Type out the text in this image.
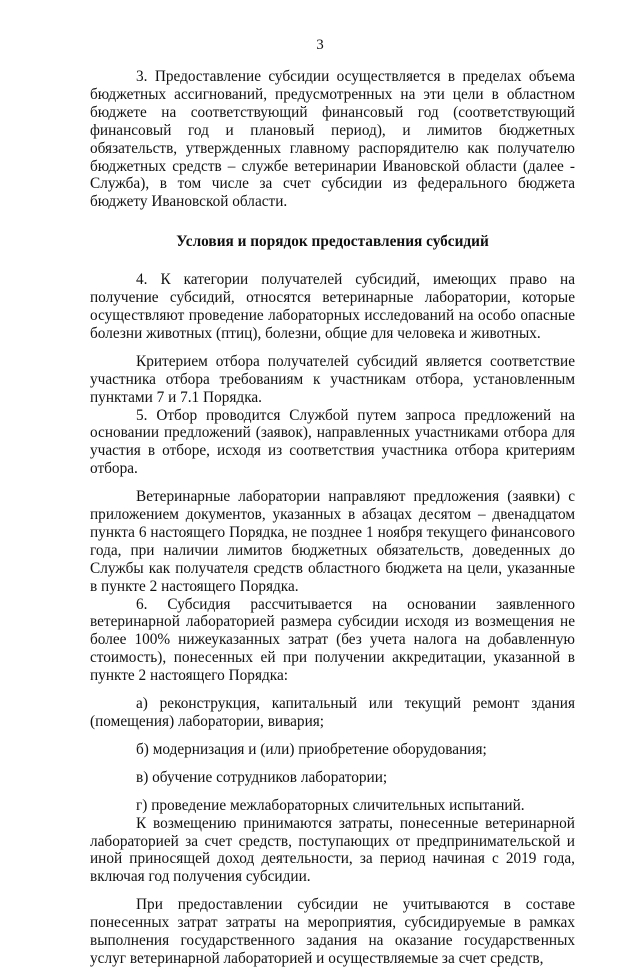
3

3. Предоставление субсидии осуществляется в пределах объема бюджетных ассигнований, предусмотренных на эти цели в областном бюджете на соответствующий финансовый год (соответствующий финансовый год и плановый период), и лимитов бюджетных обязательств, утвержденных главному распорядителю как получателю бюджетных средств – службе ветеринарии Ивановской области (далее - Служба), в том числе за счет субсидии из федерального бюджета бюджету Ивановской области.

Условия и порядок предоставления субсидий

4. К категории получателей субсидий, имеющих право на получение субсидий, относятся ветеринарные лаборатории, которые осуществляют проведение лабораторных исследований на особо опасные болезни животных (птиц), болезни, общие для человека и животных.

Критерием отбора получателей субсидий является соответствие участника отбора требованиям к участникам отбора, установленным пунктами 7 и 7.1 Порядка.

5. Отбор проводится Службой путем запроса предложений на основании предложений (заявок), направленных участниками отбора для участия в отборе, исходя из соответствия участника отбора критериям отбора.

Ветеринарные лаборатории направляют предложения (заявки) с приложением документов, указанных в абзацах десятом – двенадцатом пункта 6 настоящего Порядка, не позднее 1 ноября текущего финансового года, при наличии лимитов бюджетных обязательств, доведенных до Службы как получателя средств областного бюджета на цели, указанные в пункте 2 настоящего Порядка.

6. Субсидия рассчитывается на основании заявленного ветеринарной лабораторией размера субсидии исходя из возмещения не более 100% нижеуказанных затрат (без учета налога на добавленную стоимость), понесенных ей при получении аккредитации, указанной в пункте 2 настоящего Порядка:

а) реконструкция, капитальный или текущий ремонт здания (помещения) лаборатории, вивария;

б) модернизация и (или) приобретение оборудования;

в) обучение сотрудников лаборатории;

г) проведение межлабораторных сличительных испытаний.

К возмещению принимаются затраты, понесенные ветеринарной лабораторией за счет средств, поступающих от предпринимательской и иной приносящей доход деятельности, за период начиная с 2019 года, включая год получения субсидии.

При предоставлении субсидии не учитываются в составе понесенных затрат затраты на мероприятия, субсидируемые в рамках выполнения государственного задания на оказание государственных услуг ветеринарной лабораторией и осуществляемые за счет средств,
